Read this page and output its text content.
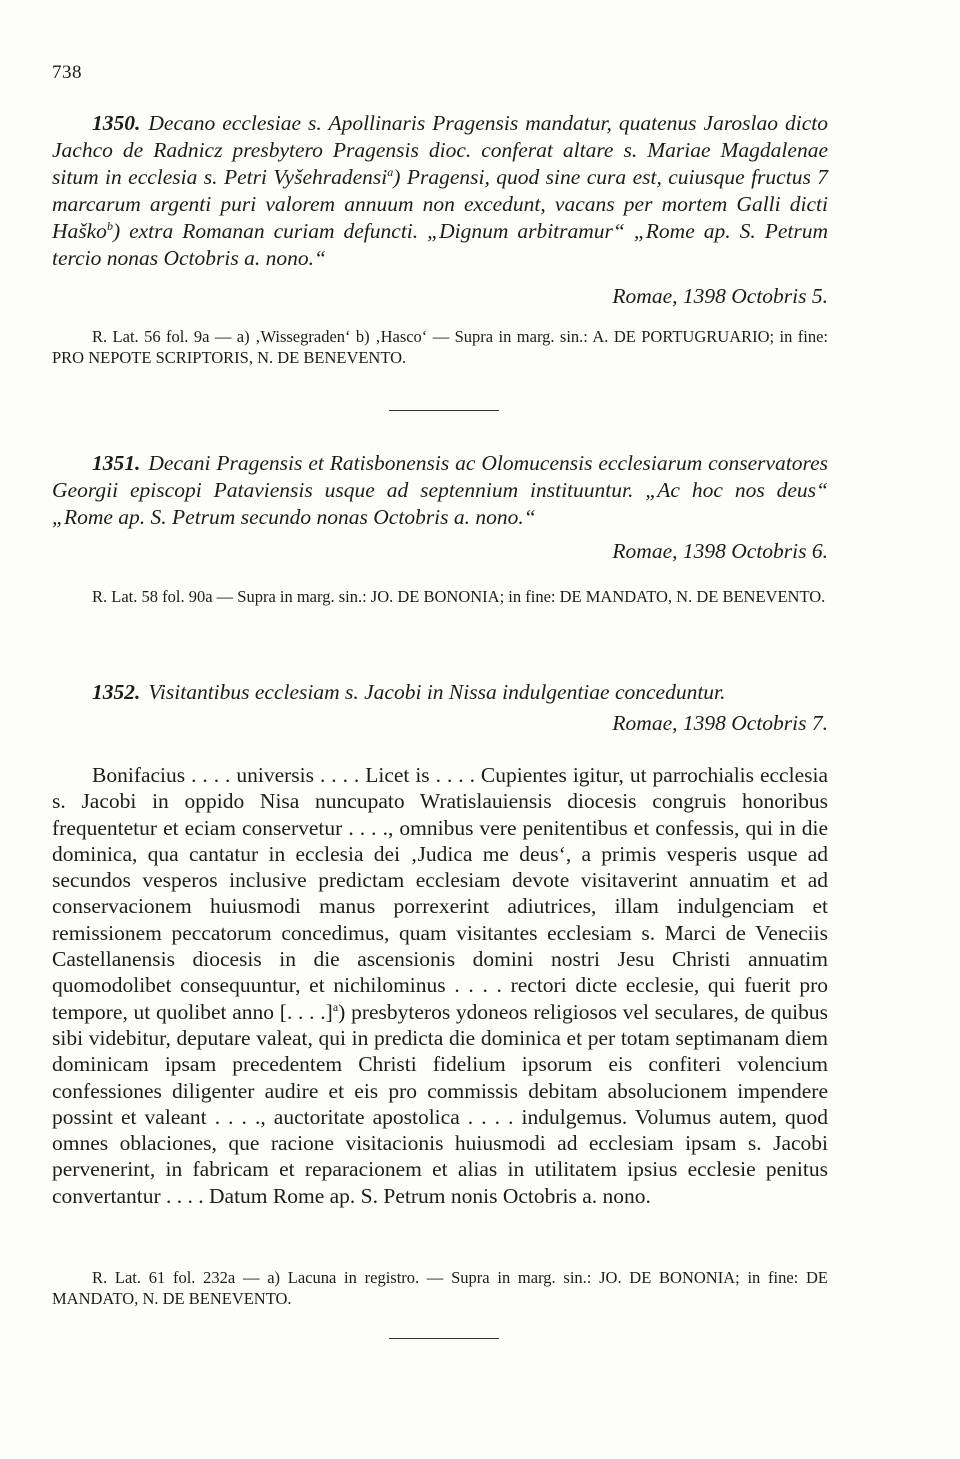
738
1350. Decano ecclesiae s. Apollinaris Pragensis mandatur, quatenus Jaroslao dicto Jachco de Radnicz presbytero Pragensis dioc. conferat altare s. Mariae Magdalenae situm in ecclesia s. Petri Vyšehradensi$^a$) Pragensi, quod sine cura est, cuiusque fructus 7 marcarum argenti puri valorem annuum non excedunt, vacans per mortem Galli dicti Haško$^b$) extra Romanan curiam defuncti. „Dignum arbitramur“ „Rome ap. S. Petrum tercio nonas Octobris a. nono.“
Romae, 1398 Octobris 5.
R. Lat. 56 fol. 9a — a) ‚Wissegraden‘ b) ‚Hasco‘ — Supra in marg. sin.: A. DE PORTUGRUARIO; in fine: PRO NEPOTE SCRIPTORIS, N. DE BENEVENTO.
1351. Decani Pragensis et Ratisbonensis ac Olomucensis ecclesiarum conservatores Georgii episcopi Pataviensis usque ad septennium instituuntur. „Ac hoc nos deus“ „Rome ap. S. Petrum secundo nonas Octobris a. nono.“
Romae, 1398 Octobris 6.
R. Lat. 58 fol. 90a — Supra in marg. sin.: JO. DE BONONIA; in fine: DE MANDATO, N. DE BENEVENTO.
1352. Visitantibus ecclesiam s. Jacobi in Nissa indulgentiae conceduntur.
Romae, 1398 Octobris 7.
Bonifacius . . . . universis . . . . Licet is . . . . Cupientes igitur, ut parrochialis ecclesia s. Jacobi in oppido Nisa nuncupato Wratislauiensis diocesis congruis honoribus frequentetur et eciam conservetur . . . ., omnibus vere penitentibus et confessis, qui in die dominica, qua cantatur in ecclesia dei ‚Judica me deus‘, a primis vesperis usque ad secundos vesperos inclusive predictam ecclesiam devote visitaverint annuatim et ad conservacionem huiusmodi manus porrexerint adiutrices, illam indulgenciam et remissionem peccatorum concedimus, quam visitantes ecclesiam s. Marci de Veneciis Castellanensis diocesis in die ascensionis domini nostri Jesu Christi annuatim quomodolibet consequuntur, et nichilominus . . . . rectori dicte ecclesie, qui fuerit pro tempore, ut quolibet anno [. . . .]$^a$) presbyteros ydoneos religiosos vel seculares, de quibus sibi videbitur, deputare valeat, qui in predicta die dominica et per totam septimanam diem dominicam ipsam precedentem Christi fidelium ipsorum eis confiteri volencium confessiones diligenter audire et eis pro commissis debitam absolucionem impendere possint et valeant . . . ., auctoritate apostolica . . . . indulgemus. Volumus autem, quod omnes oblaciones, que racione visitacionis huiusmodi ad ecclesiam ipsam s. Jacobi pervenerint, in fabricam et reparacionem et alias in utilitatem ipsius ecclesie penitus convertantur . . . . Datum Rome ap. S. Petrum nonis Octobris a. nono.
R. Lat. 61 fol. 232a — a) Lacuna in registro. — Supra in marg. sin.: JO. DE BONONIA; in fine: DE MANDATO, N. DE BENEVENTO.
